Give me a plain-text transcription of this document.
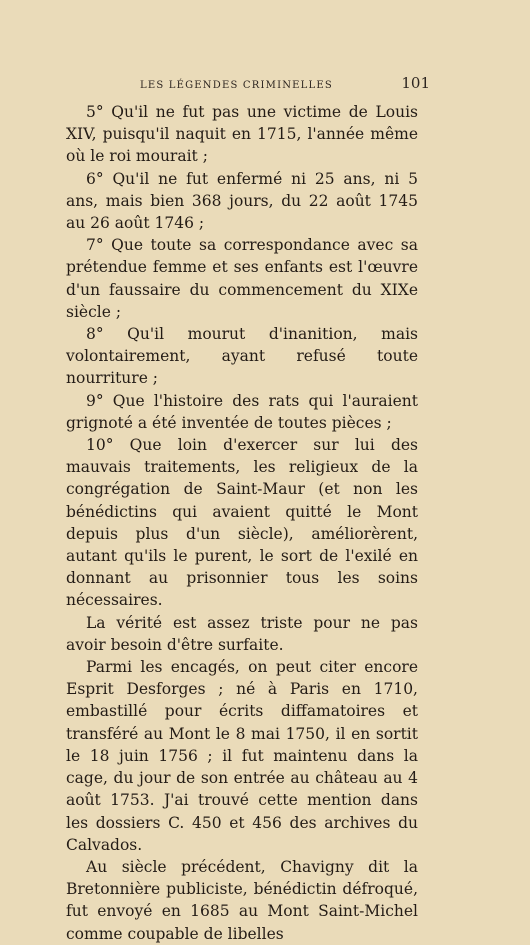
LES LÉGENDES CRIMINELLES	101

5° Qu'il ne fut pas une victime de Louis XIV, puisqu'il naquit en 1715, l'année même où le roi mourait ;

6° Qu'il ne fut enfermé ni 25 ans, ni 5 ans, mais bien 368 jours, du 22 août 1745 au 26 août 1746 ;

7° Que toute sa correspondance avec sa prétendue femme et ses enfants est l'œuvre d'un faussaire du commencement du XIXe siècle ;

8° Qu'il mourut d'inanition, mais volontairement, ayant refusé toute nourriture ;

9° Que l'histoire des rats qui l'auraient grignoté a été inventée de toutes pièces ;

10° Que loin d'exercer sur lui des mauvais traitements, les religieux de la congrégation de Saint-Maur (et non les bénédictins qui avaient quitté le Mont depuis plus d'un siècle), améliorèrent, autant qu'ils le purent, le sort de l'exilé en donnant au prisonnier tous les soins nécessaires.

La vérité est assez triste pour ne pas avoir besoin d'être surfaite.

Parmi les encagés, on peut citer encore Esprit Desforges ; né à Paris en 1710, embastillé pour écrits diffamatoires et transféré au Mont le 8 mai 1750, il en sortit le 18 juin 1756 ; il fut maintenu dans la cage, du jour de son entrée au château au 4 août 1753. J'ai trouvé cette mention dans les dossiers C. 450 et 456 des archives du Calvados.

Au siècle précédent, Chavigny dit la Bretonnière publiciste, bénédictin défroqué, fut envoyé en 1685 au Mont Saint-Michel comme coupable de libelles
